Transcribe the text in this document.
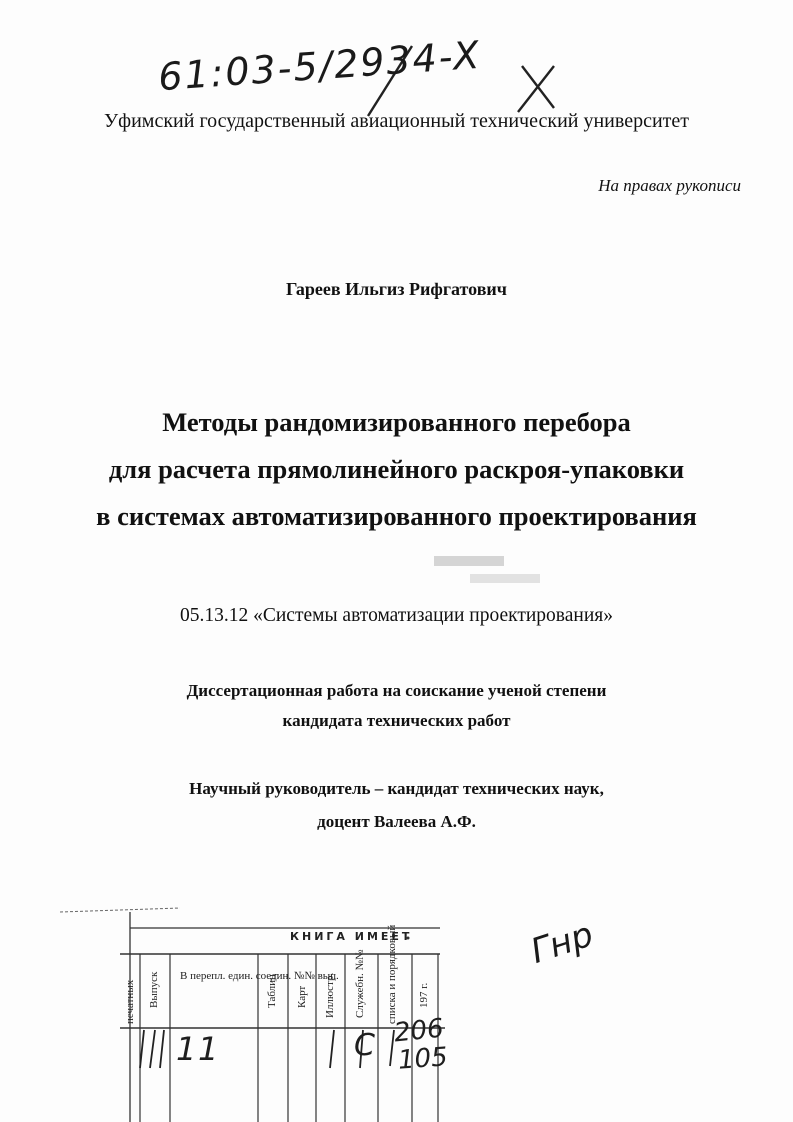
61:03-5/2934-X
Уфимский государственный авиационный технический университет
На правах рукописи
Гареев Ильгиз Рифгатович
Методы рандомизированного перебора
для расчета прямолинейного раскроя-упаковки
в системах автоматизированного проектирования
05.13.12 «Системы автоматизации проектирования»
Диссертационная работа на соискание ученой степени
кандидата технических работ
Научный руководитель – кандидат технических наук,
доцент Валеева А.Ф.
КНИГА ИМЕЕТ
печатных Выпуск В перепл. един. соедин. №№ вып.
Таблиц Карт Иллюстр. Служебн. №№ списка и порядковый 197 г.
1 1	С 206
105
Гнр
